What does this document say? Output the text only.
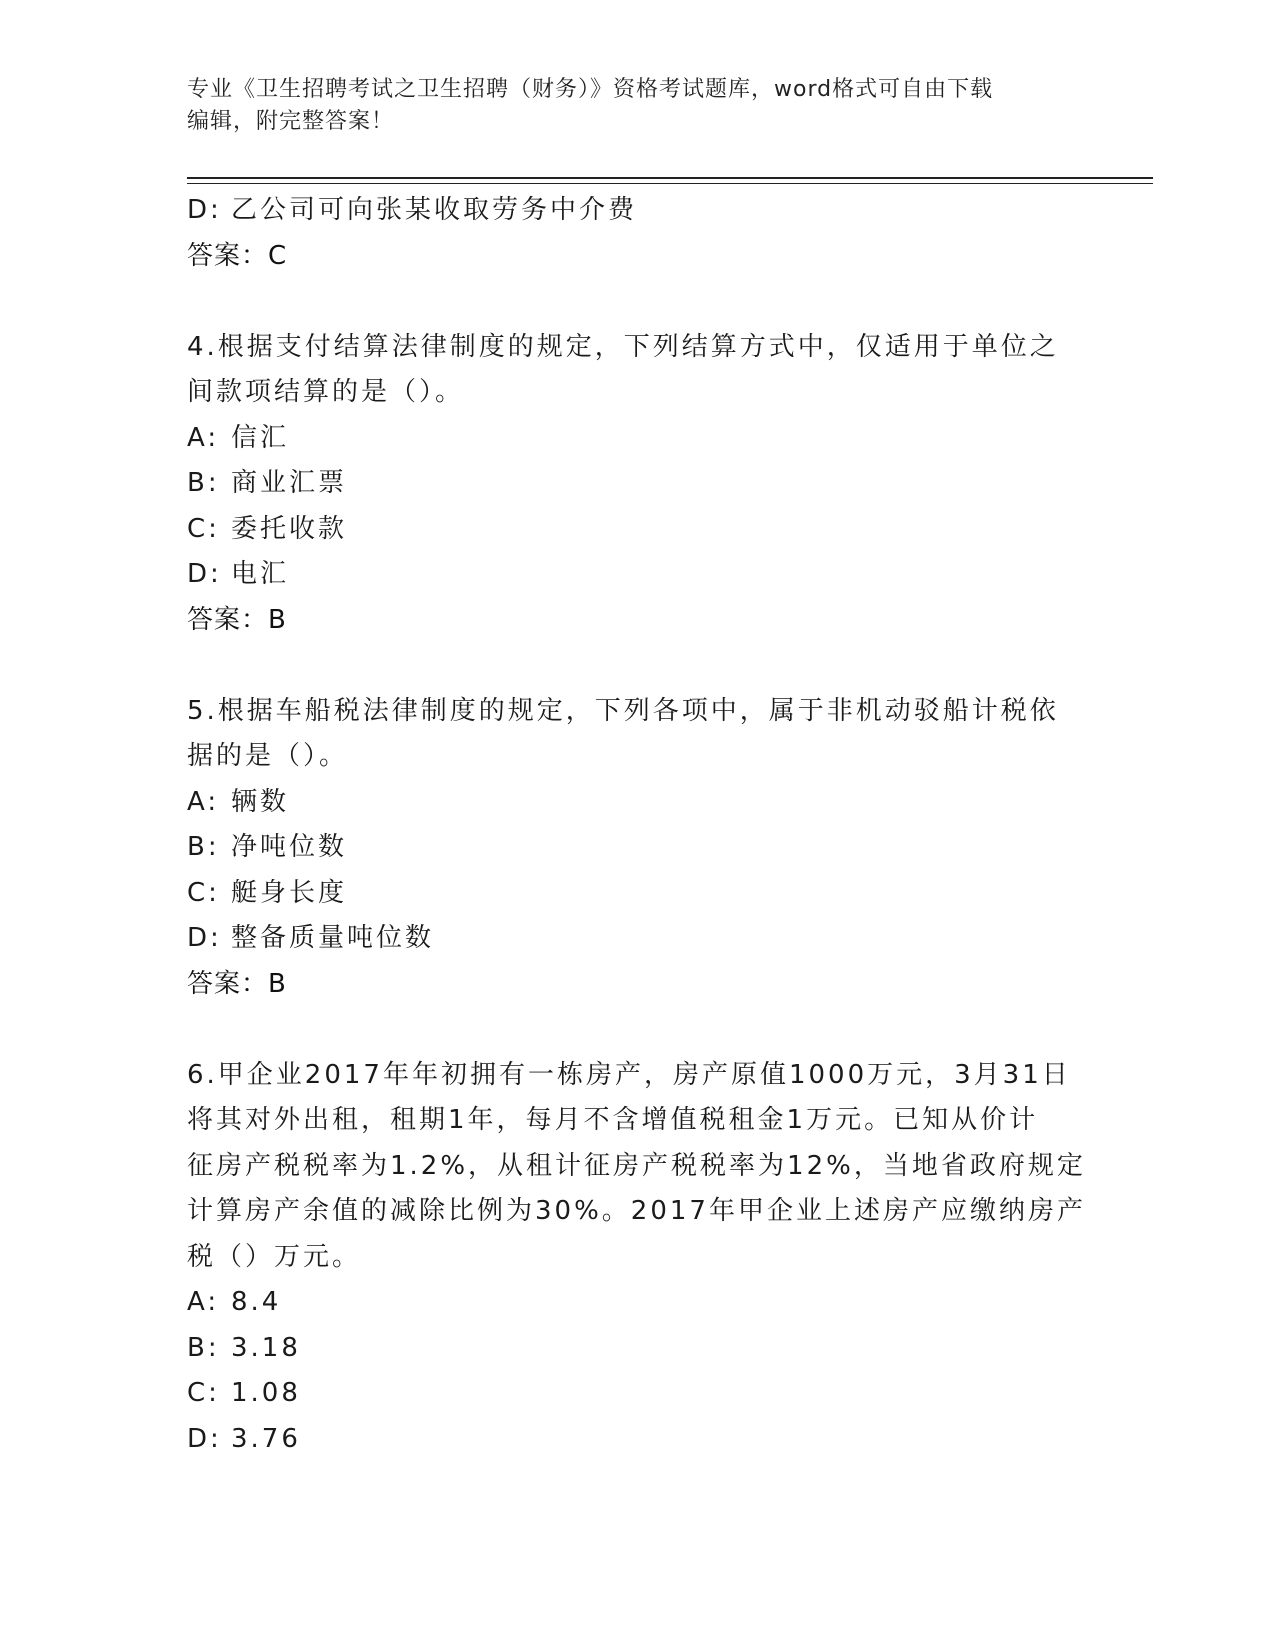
专业《卫生招聘考试之卫生招聘（财务）》资格考试题库，word格式可自由下载
编辑，附完整答案！

D: 乙公司可向张某收取劳务中介费

答案：C

4.根据支付结算法律制度的规定，下列结算方式中，仅适用于单位之

间款项结算的是（）。

A: 信汇

B: 商业汇票

C: 委托收款

D: 电汇

答案：B

5.根据车船税法律制度的规定，下列各项中，属于非机动驳船计税依

据的是（）。

A: 辆数

B: 净吨位数

C: 艇身长度

D: 整备质量吨位数

答案：B

6.甲企业2017年年初拥有一栋房产，房产原值1000万元，3月31日

将其对外出租，租期1年，每月不含增值税租金1万元。已知从价计

征房产税税率为1.2%，从租计征房产税税率为12%，当地省政府规定

计算房产余值的减除比例为30%。2017年甲企业上述房产应缴纳房产

税（）万元。

A: 8.4

B: 3.18

C: 1.08

D: 3.76
